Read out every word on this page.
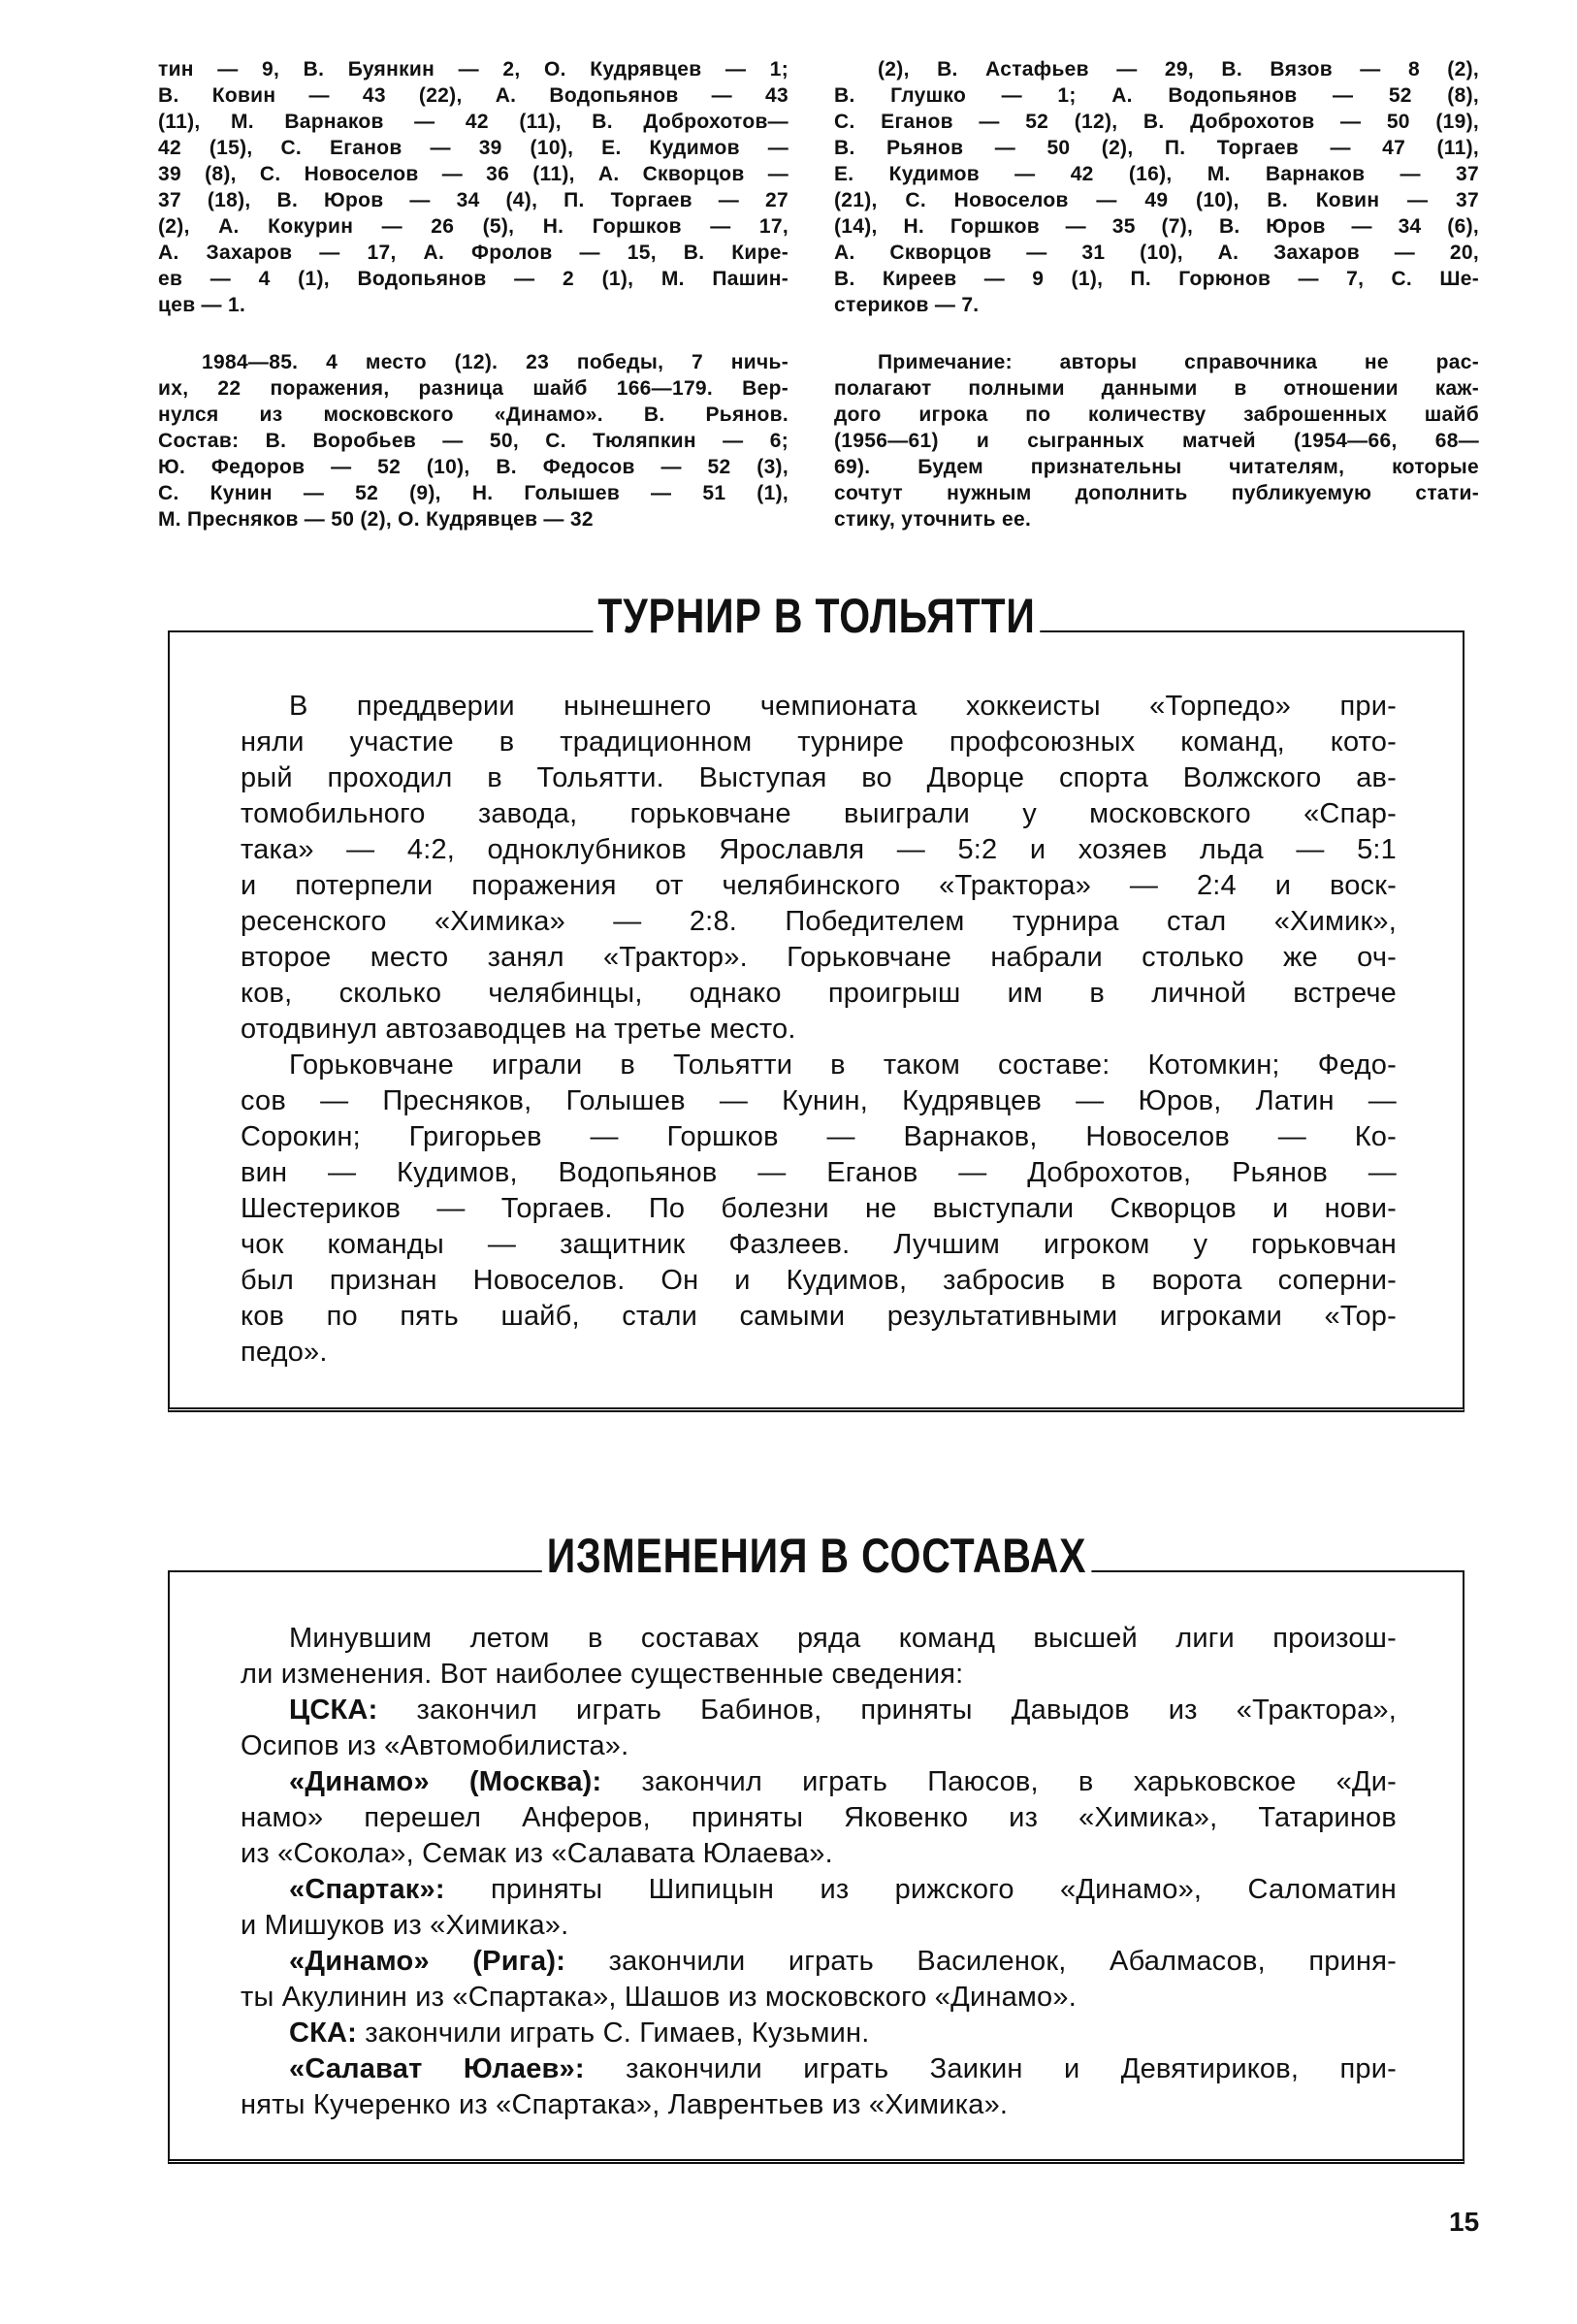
тин — 9, В. Буянкин — 2, О. Кудрявцев — 1;
В. Ковин — 43 (22), А. Водопьянов — 43
(11), М. Варнаков — 42 (11), В. Доброхотов—
42 (15), С. Еганов — 39 (10), Е. Кудимов —
39 (8), С. Новоселов — 36 (11), А. Скворцов —
37 (18), В. Юров — 34 (4), П. Торгаев — 27
(2), А. Кокурин — 26 (5), Н. Горшков — 17,
А. Захаров — 17, А. Фролов — 15, В. Кире-
ев — 4 (1), Водопьянов — 2 (1), М. Пашин-
цев — 1.
1984—85. 4 место (12). 23 победы, 7 ничь-
их, 22 поражения, разница шайб 166—179. Вер-
нулся из московского «Динамо». В. Рьянов.
Состав: В. Воробьев — 50, С. Тюляпкин — 6;
Ю. Федоров — 52 (10), В. Федосов — 52 (3),
С. Кунин — 52 (9), Н. Голышев — 51 (1),
М. Пресняков — 50 (2), О. Кудрявцев — 32
(2), В. Астафьев — 29, В. Вязов — 8 (2),
В. Глушко — 1; А. Водопьянов — 52 (8),
С. Еганов — 52 (12), В. Доброхотов — 50 (19),
В. Рьянов — 50 (2), П. Торгаев — 47 (11),
Е. Кудимов — 42 (16), М. Варнаков — 37
(21), С. Новоселов — 49 (10), В. Ковин — 37
(14), Н. Горшков — 35 (7), В. Юров — 34 (6),
А. Скворцов — 31 (10), А. Захаров — 20,
В. Киреев — 9 (1), П. Горюнов — 7, С. Ше-
стериков — 7.
Примечание: авторы справочника не рас-
полагают полными данными в отношении каж-
дого игрока по количеству заброшенных шайб
(1956—61) и сыгранных матчей (1954—66, 68—
69). Будем признательны читателям, которые
сочтут нужным дополнить публикуемую стати-
стику, уточнить ее.
ТУРНИР В ТОЛЬЯТТИ
В преддверии нынешнего чемпионата хоккеисты «Торпедо» при-
няли участие в традиционном турнире профсоюзных команд, кото-
рый проходил в Тольятти. Выступая во Дворце спорта Волжского ав-
томобильного завода, горьковчане выиграли у московского «Спар-
така» — 4:2, одноклубников Ярославля — 5:2 и хозяев льда — 5:1
и потерпели поражения от челябинского «Трактора» — 2:4 и воск-
ресенского «Химика» — 2:8. Победителем турнира стал «Химик»,
второе место занял «Трактор». Горьковчане набрали столько же оч-
ков, сколько челябинцы, однако проигрыш им в личной встрече
отодвинул автозаводцев на третье место.
Горьковчане играли в Тольятти в таком составе: Котомкин; Федо-
сов — Пресняков, Голышев — Кунин, Кудрявцев — Юров, Латин —
Сорокин; Григорьев — Горшков — Варнаков, Новоселов — Ко-
вин — Кудимов, Водопьянов — Еганов — Доброхотов, Рьянов —
Шестериков — Торгаев. По болезни не выступали Скворцов и нови-
чок команды — защитник Фазлеев. Лучшим игроком у горьковчан
был признан Новоселов. Он и Кудимов, забросив в ворота соперни-
ков по пять шайб, стали самыми результативными игроками «Тор-
педо».
ИЗМЕНЕНИЯ В СОСТАВАХ
Минувшим летом в составах ряда команд высшей лиги произош-
ли изменения. Вот наиболее существенные сведения:
ЦСКА: закончил играть Бабинов, приняты Давыдов из «Трактора»,
Осипов из «Автомобилиста».
«Динамо» (Москва): закончил играть Паюсов, в харьковское «Ди-
намо» перешел Анферов, приняты Яковенко из «Химика», Татаринов
из «Сокола», Семак из «Салавата Юлаева».
«Спартак»: приняты Шипицын из рижского «Динамо», Саломатин
и Мишуков из «Химика».
«Динамо» (Рига): закончили играть Василенок, Абалмасов, приня-
ты Акулинин из «Спартака», Шашов из московского «Динамо».
СКА: закончили играть С. Гимаев, Кузьмин.
«Салават Юлаев»: закончили играть Заикин и Девятириков, при-
няты Кучеренко из «Спартака», Лаврентьев из «Химика».
15
